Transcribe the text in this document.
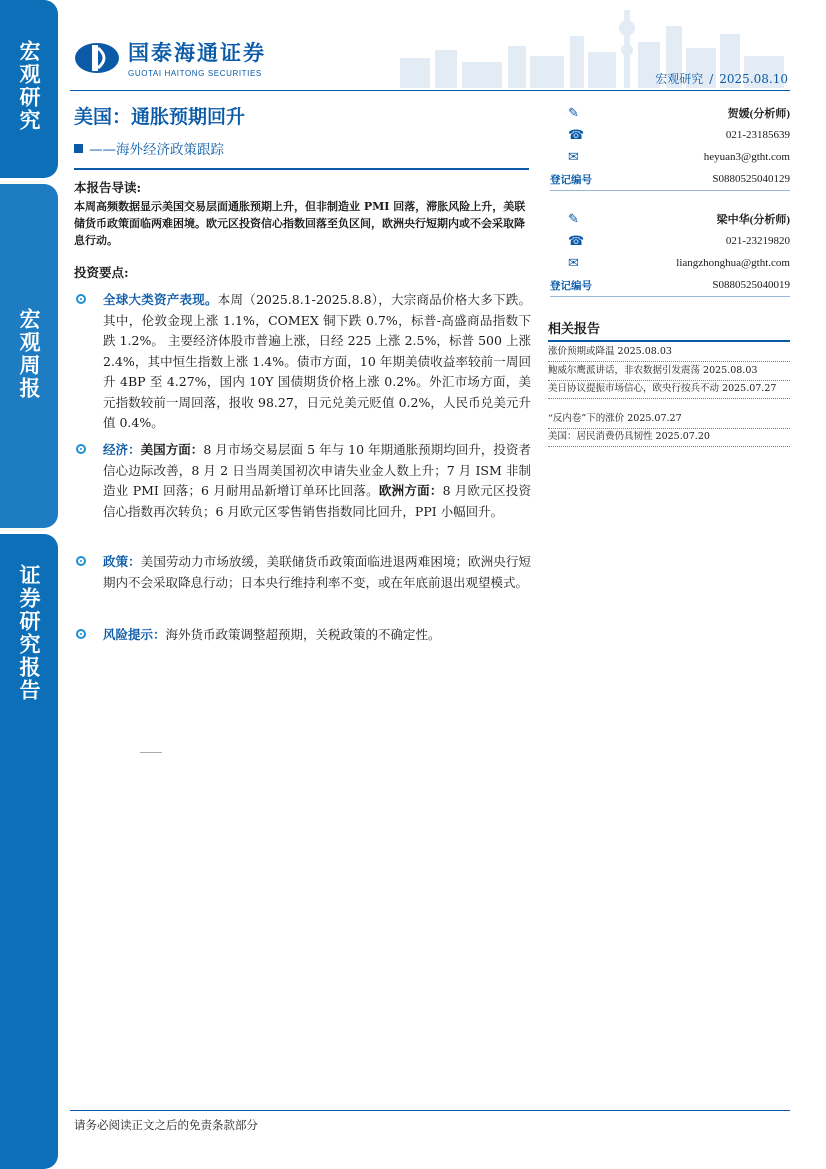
宏观研究
宏观周报
证券研究报告
国泰海通证券
GUOTAI HAITONG SECURITIES	宏观研究 / 2025.08.10
美国：通胀预期回升
——海外经济政策跟踪
本报告导读:
本周高频数据显示美国交易层面通胀预期上升，但非制造业 PMI 回落，滞胀风险上升，美联储货币政策面临两难困境。欧元区投资信心指数回落至负区间，欧洲央行短期内或不会采取降息行动。
投资要点:
全球大类资产表现。本周（2025.8.1-2025.8.8），大宗商品价格大多下跌。其中，伦敦金现上涨 1.1%，COMEX 铜下跌 0.7%，标普-高盛商品指数下跌 1.2%。 主要经济体股市普遍上涨，日经 225 上涨 2.5%，标普 500 上涨 2.4%，其中恒生指数上涨 1.4%。债市方面，10 年期美债收益率较前一周回升 4BP 至 4.27%，国内 10Y 国债期货价格上涨 0.2%。外汇市场方面，美元指数较前一周回落，报收 98.27，日元兑美元贬值 0.2%，人民币兑美元升值 0.4%。
经济：美国方面：8 月市场交易层面 5 年与 10 年期通胀预期均回升，投资者信心边际改善，8 月 2 日当周美国初次申请失业金人数上升；7 月 ISM 非制造业 PMI 回落；6 月耐用品新增订单环比回落。欧洲方面：8 月欧元区投资信心指数再次转负；6 月欧元区零售销售指数同比回升，PPI 小幅回升。
政策：美国劳动力市场放缓，美联储货币政策面临进退两难困境；欧洲央行短期内不会采取降息行动；日本央行维持利率不变，或在年底前退出观望模式。
风险提示：海外货币政策调整超预期，关税政策的不确定性。
✎	贺媛(分析师)
☎	021-23185639
✉	heyuan3@gtht.com
登记编号	S0880525040129
✎	梁中华(分析师)
☎	021-23219820
✉	liangzhonghua@gtht.com
登记编号	S0880525040019
相关报告
涨价预期或降温 2025.08.03
鲍威尔鹰派讲话，非农数据引发震荡 2025.08.03
美日协议提振市场信心，欧央行按兵不动 2025.07.27
“反内卷”下的涨价 2025.07.27
美国：居民消费仍具韧性 2025.07.20
请务必阅读正文之后的免责条款部分
